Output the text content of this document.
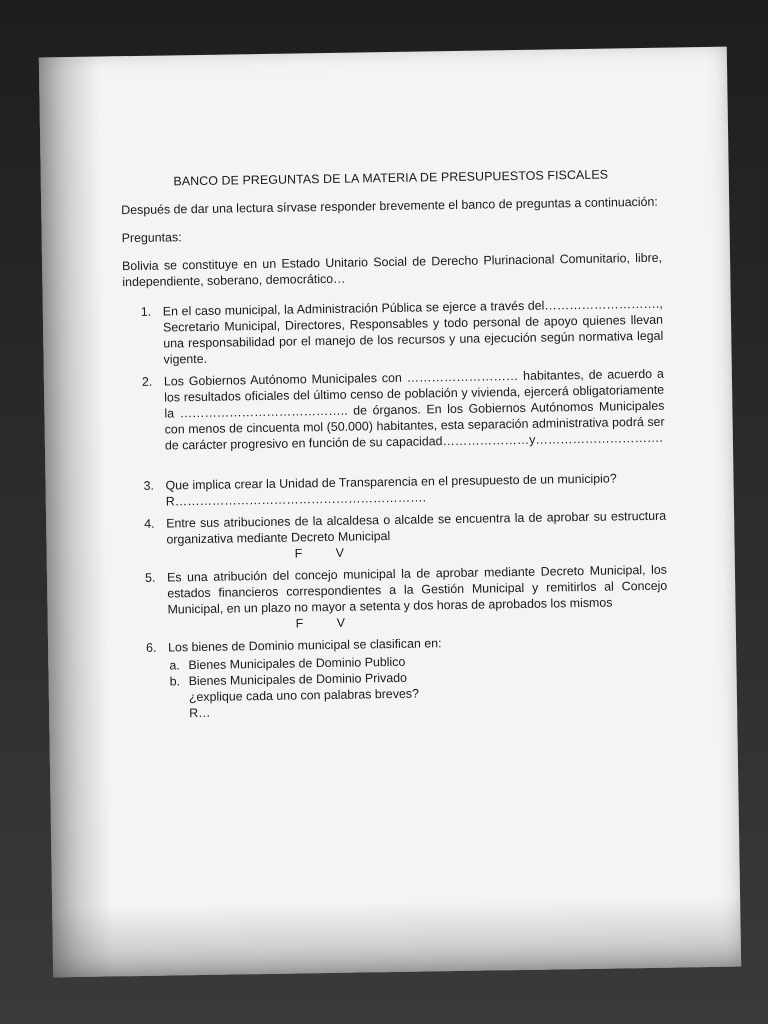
BANCO DE PREGUNTAS DE LA MATERIA DE PRESUPUESTOS FISCALES
Después de dar una lectura sírvase responder brevemente el banco de preguntas a continuación:
Preguntas:
Bolivia se constituye en un Estado Unitario Social de Derecho Plurinacional Comunitario, libre, independiente, soberano, democrático…
1. En el caso municipal, la Administración Pública se ejerce a través del………………………., Secretario Municipal, Directores, Responsables y todo personal de apoyo quienes llevan una responsabilidad por el manejo de los recursos y una ejecución según normativa legal vigente.
2. Los Gobiernos Autónomo Municipales con ……………………… habitantes, de acuerdo a los resultados oficiales del último censo de población y vivienda, ejercerá obligatoriamente la ………………………………….. de órganos. En los Gobiernos Autónomos Municipales con menos de cincuenta mol (50.000) habitantes, esta separación administrativa podrá ser de carácter progresivo en función de su capacidad…………………y………………………….
3. Que implica crear la Unidad de Transparencia en el presupuesto de un municipio?
R…………………………………………………….
4. Entre sus atribuciones de la alcaldesa o alcalde se encuentra la de aprobar su estructura organizativa mediante Decreto Municipal
F V
5. Es una atribución del concejo municipal la de aprobar mediante Decreto Municipal, los estados financieros correspondientes a la Gestión Municipal y remitirlos al Concejo Municipal, en un plazo no mayor a setenta y dos horas de aprobados los mismos
F V
6. Los bienes de Dominio municipal se clasifican en:
a. Bienes Municipales de Dominio Publico
b. Bienes Municipales de Dominio Privado
¿explique cada uno con palabras breves?
R…
